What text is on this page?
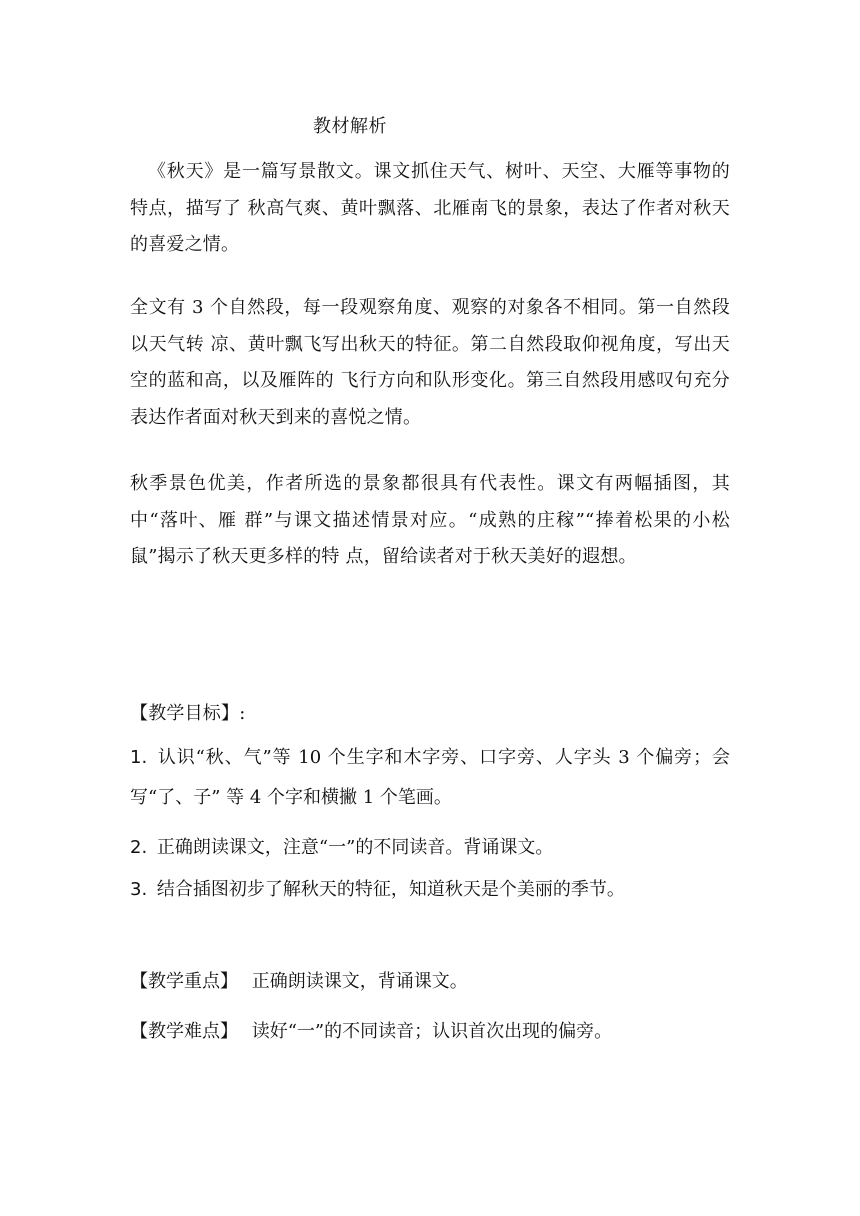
教材解析
《秋天》是一篇写景散文。课文抓住天气、树叶、天空、大雁等事物的特点，描写了 秋高气爽、黄叶飘落、北雁南飞的景象，表达了作者对秋天的喜爱之情。
全文有 3 个自然段，每一段观察角度、观察的对象各不相同。第一自然段以天气转 凉、黄叶飘飞写出秋天的特征。第二自然段取仰视角度，写出天空的蓝和高，以及雁阵的 飞行方向和队形变化。第三自然段用感叹句充分表达作者面对秋天到来的喜悦之情。
秋季景色优美，作者所选的景象都很具有代表性。课文有两幅插图，其中“落叶、雁 群”与课文描述情景对应。“成熟的庄稼”“捧着松果的小松鼠”揭示了秋天更多样的特 点，留给读者对于秋天美好的遐想。
【教学目标】:
1. 认识“秋、气”等 10 个生字和木字旁、口字旁、人字头 3 个偏旁；会写“了、子” 等 4 个字和横撇 1 个笔画。
2. 正确朗读课文，注意“一”的不同读音。背诵课文。
3. 结合插图初步了解秋天的特征，知道秋天是个美丽的季节。
【教学重点】 正确朗读课文，背诵课文。
【教学难点】 读好“一”的不同读音；认识首次出现的偏旁。
